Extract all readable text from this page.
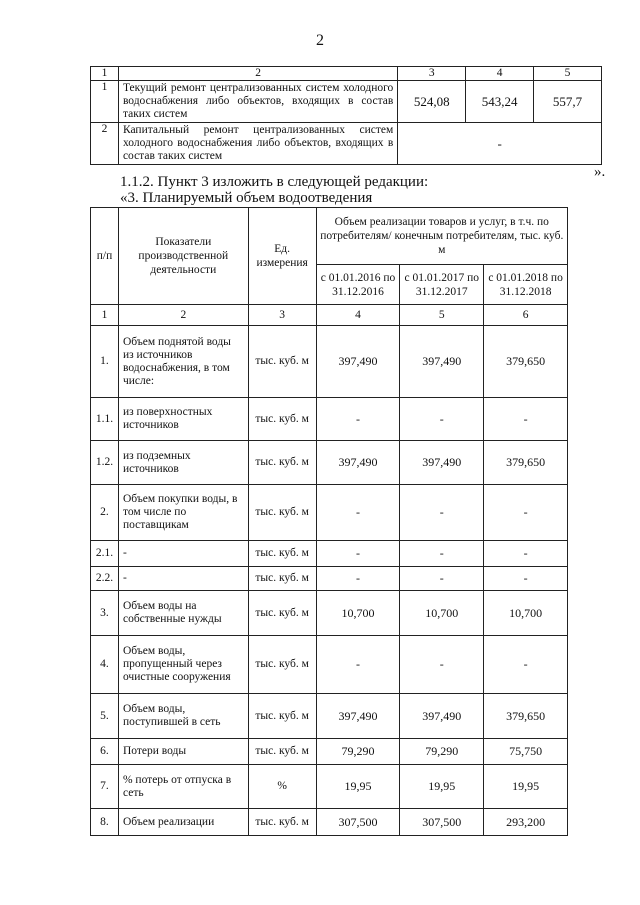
2
1	2	3	4	5
1	Текущий ремонт централизованных систем холодного водоснабжения либо объектов, входящих в состав таких систем	524,08	543,24	557,7
2	Капитальный ремонт централизованных систем холодного водоснабжения либо объектов, входящих в состав таких систем	-		
».
1.1.2. Пункт 3 изложить в следующей редакции:
«3. Планируемый объем водоотведения
п/п	Показатели производственной деятельности	Ед. измерения	Объем реализации товаров и услуг, в т.ч. по потребителям/ конечным потребителям, тыс. куб. м		
			с 01.01.2016 по 31.12.2016	с 01.01.2017 по 31.12.2017	с 01.01.2018 по 31.12.2018
1	2	3	4	5	6
1.	Объем поднятой воды из источников водоснабжения, в том числе:	тыс. куб. м	397,490	397,490	379,650
1.1.	из поверхностных источников	тыс. куб. м	-	-	-
1.2.	из подземных источников	тыс. куб. м	397,490	397,490	379,650
2.	Объем покупки воды, в том числе по поставщикам	тыс. куб. м	-	-	-
2.1.	-	тыс. куб. м	-	-	-
2.2.	-	тыс. куб. м	-	-	-
3.	Объем воды на собственные нужды	тыс. куб. м	10,700	10,700	10,700
4.	Объем воды, пропущенный через очистные сооружения	тыс. куб. м	-	-	-
5.	Объем воды, поступившей в сеть	тыс. куб. м	397,490	397,490	379,650
6.	Потери воды	тыс. куб. м	79,290	79,290	75,750
7.	% потерь от отпуска в сеть	%	19,95	19,95	19,95
8.	Объем реализации	тыс. куб. м	307,500	307,500	293,200
